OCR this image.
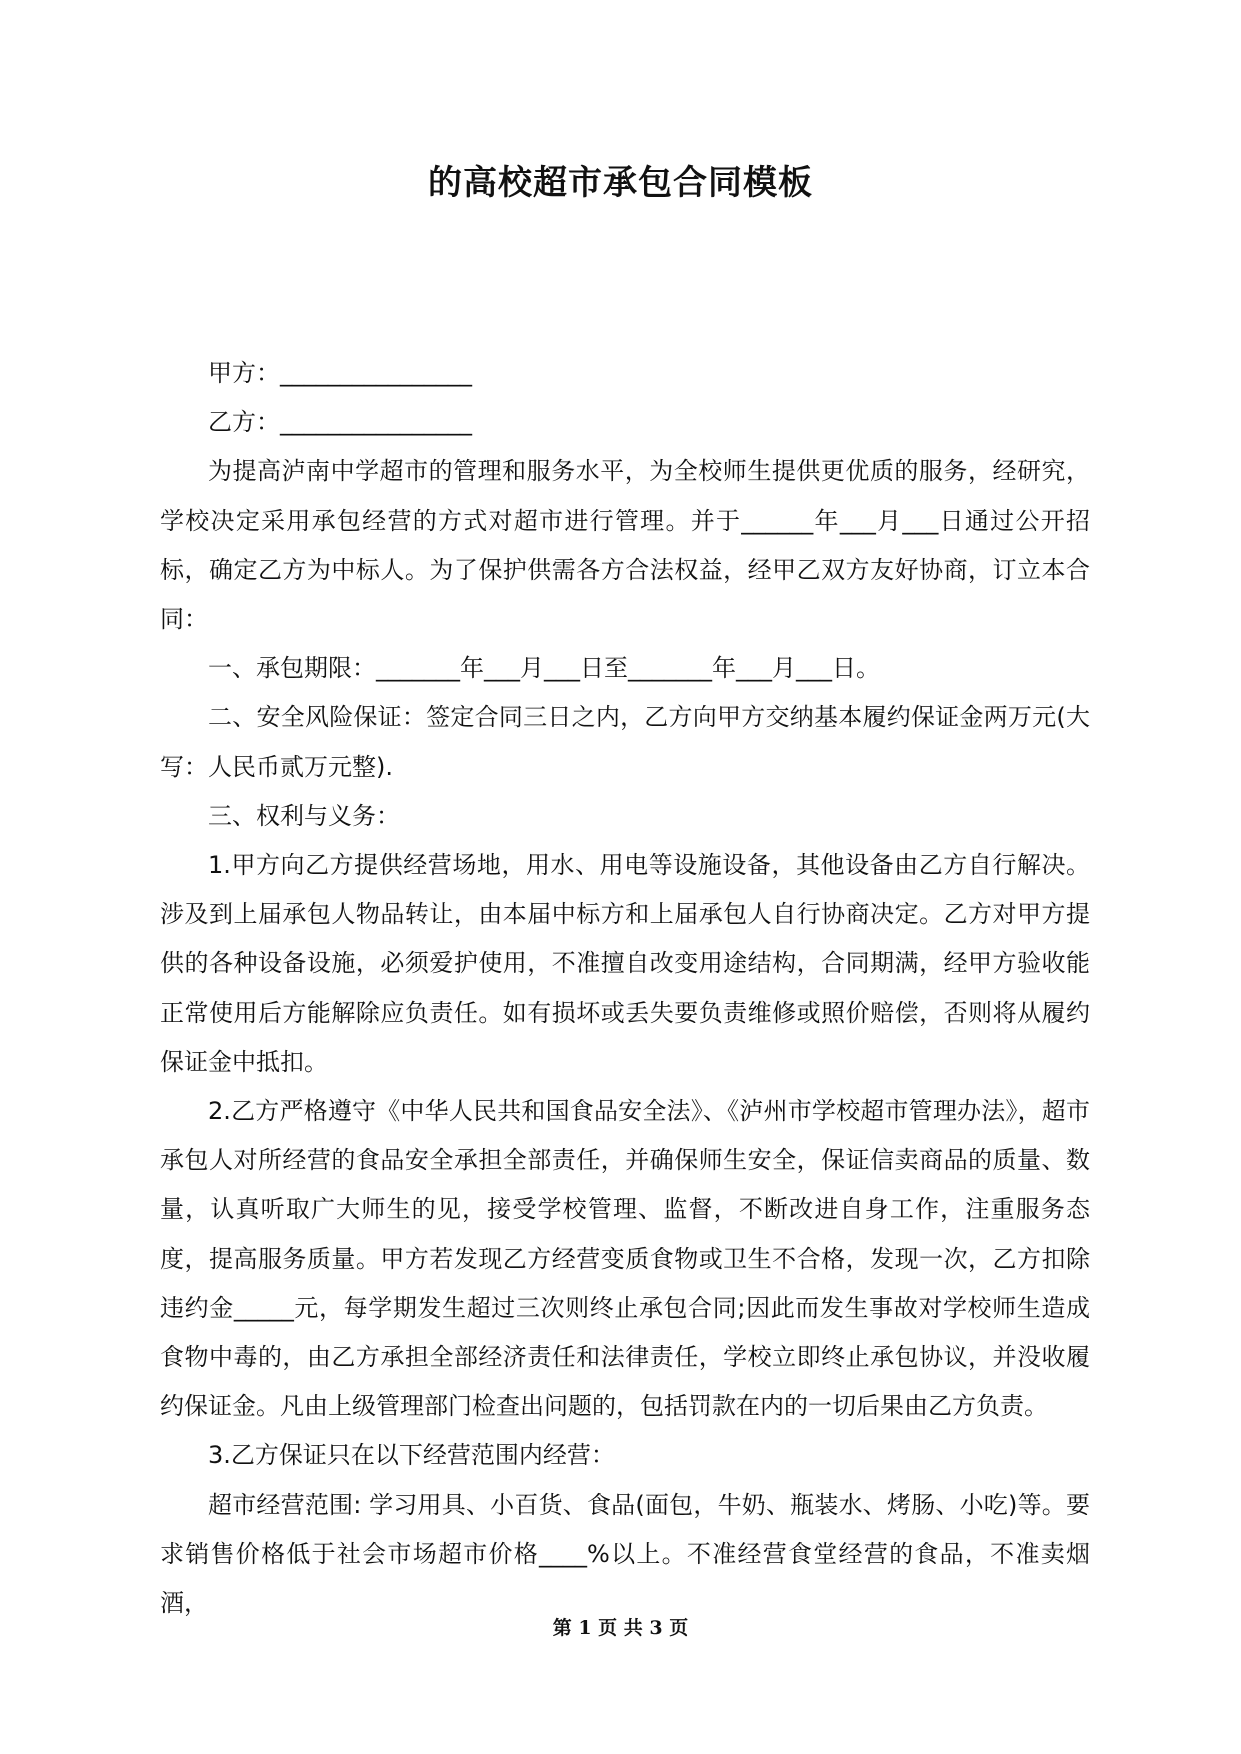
的高校超市承包合同模板

甲方：________________

乙方：________________

为提高泸南中学超市的管理和服务水平，为全校师生提供更优质的服务，经研究，学校决定采用承包经营的方式对超市进行管理。并于______年___月___日通过公开招标，确定乙方为中标人。为了保护供需各方合法权益，经甲乙双方友好协商，订立本合同：

一、承包期限：_______年___月___日至_______年___月___日。

二、安全风险保证：签定合同三日之内，乙方向甲方交纳基本履约保证金两万元(大写：人民币贰万元整).

三、权利与义务：

1.甲方向乙方提供经营场地，用水、用电等设施设备，其他设备由乙方自行解决。涉及到上届承包人物品转让，由本届中标方和上届承包人自行协商决定。乙方对甲方提供的各种设备设施，必须爱护使用，不准擅自改变用途结构，合同期满，经甲方验收能正常使用后方能解除应负责任。如有损坏或丢失要负责维修或照价赔偿，否则将从履约保证金中抵扣。

2.乙方严格遵守《中华人民共和国食品安全法》、《泸州市学校超市管理办法》，超市承包人对所经营的食品安全承担全部责任，并确保师生安全，保证信卖商品的质量、数量，认真听取广大师生的见，接受学校管理、监督，不断改进自身工作，注重服务态度，提高服务质量。甲方若发现乙方经营变质食物或卫生不合格，发现一次，乙方扣除违约金_____元，每学期发生超过三次则终止承包合同;因此而发生事故对学校师生造成食物中毒的，由乙方承担全部经济责任和法律责任，学校立即终止承包协议，并没收履约保证金。凡由上级管理部门检查出问题的，包括罚款在内的一切后果由乙方负责。

3.乙方保证只在以下经营范围内经营：

超市经营范围: 学习用具、小百货、食品(面包，牛奶、瓶装水、烤肠、小吃)等。要求销售价格低于社会市场超市价格____%以上。不准经营食堂经营的食品，不准卖烟酒，

第 1 页 共 3 页
